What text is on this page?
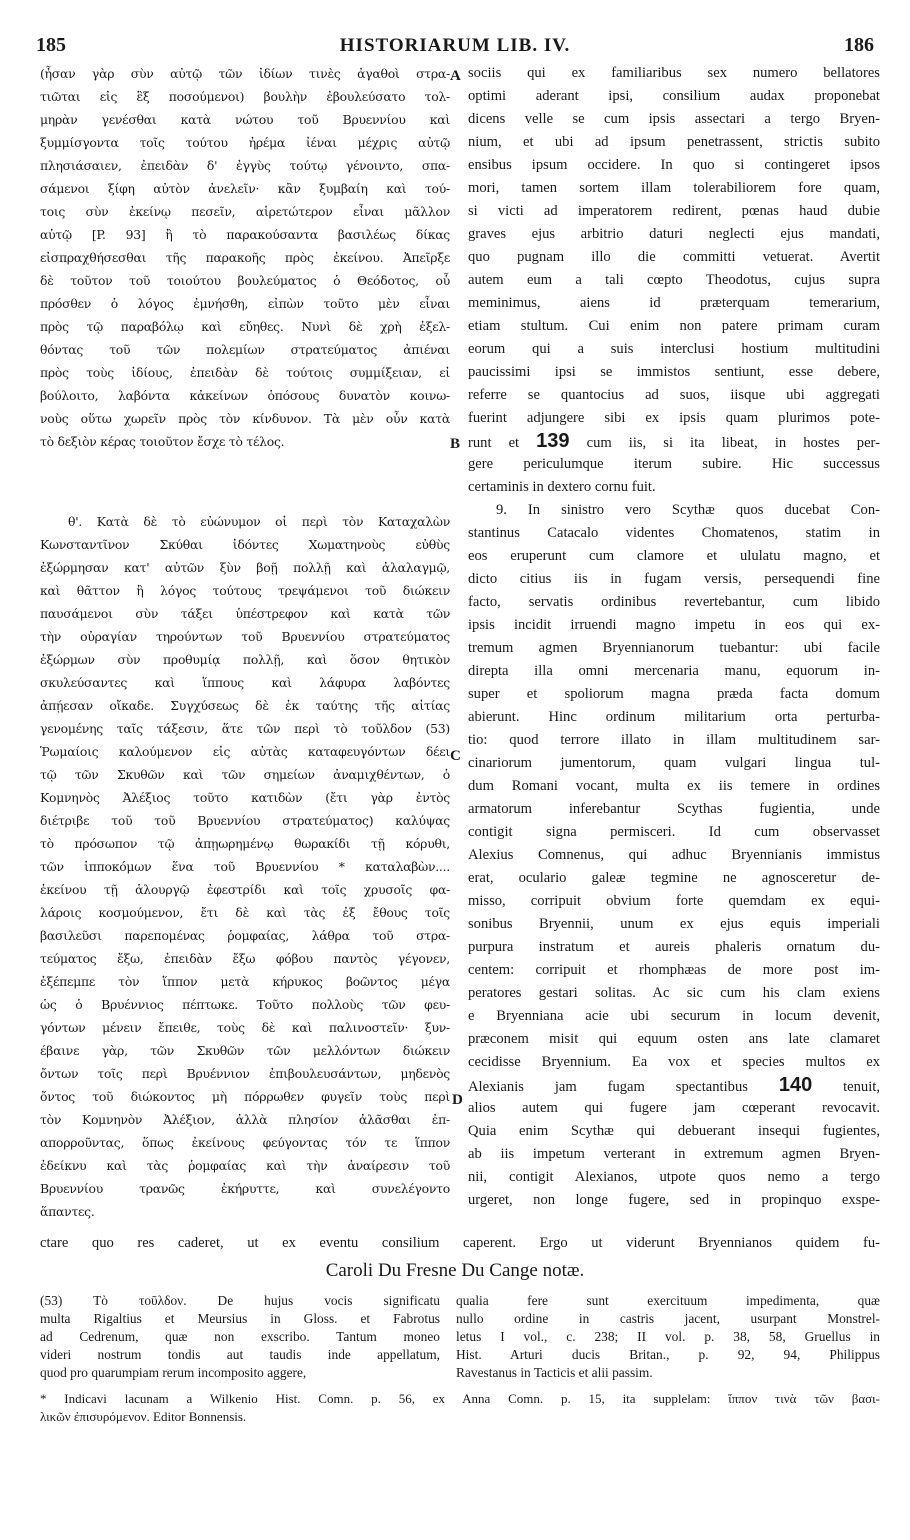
185	HISTORIARUM LIB. IV.	186
(ἦσαν γὰρ σὺν αὐτῷ τῶν ἰδίων τινὲς ἀγαθοὶ στρα-
τιῶται εἰς ἓξ ποσούμενοι) βουλὴν ἐβουλεύσατο τολ-
μηρὰν γενέσθαι κατὰ νώτου τοῦ Βρυεννίου καὶ
ξυμμίσγοντα τοῖς τούτου ἠρέμα ἰέναι μέχρις αὐτῷ
πλησιάσαιεν, ἐπειδὰν δ' ἐγγὺς τούτῳ γένοιντο, σπα-
σάμενοι ξίφη αὐτὸν ἀνελεῖν· κἂν ξυμβαίη καὶ τού-
τοις σὺν ἐκείνῳ πεσεῖν, αἱρετώτερον εἶναι μᾶλλον
αὐτῷ [P. 93] ἢ τὸ παρακούσαντα βασιλέως δίκας
εἰσπραχθήσεσθαι τῆς παρακοῆς πρὸς ἐκείνου. Ἀπεῖρξε
δὲ τοῦτον τοῦ τοιούτου βουλεύματος ὁ Θεόδοτος, οὗ
πρόσθεν ὁ λόγος ἐμνήσθη, εἰπὼν τοῦτο μὲν εἶναι
πρὸς τῷ παραβόλῳ καὶ εὔηθες. Νυνὶ δὲ χρὴ ἐξελ-
θόντας τοῦ τῶν πολεμίων στρατεύματος ἀπιέναι
πρὸς τοὺς ἰδίους, ἐπειδὰν δὲ τούτοις συμμίξειαν, εἰ
βούλοιτο, λαβόντα κἀκείνων ὁπόσους δυνατὸν κοινω-
νοὺς οὕτω χωρεῖν πρὸς τὸν κίνδυνον. Τὰ μὲν οὖν κατὰ
τὸ δεξιὸν κέρας τοιοῦτον ἔσχε τὸ τέλος.
θ'. Κατὰ δὲ τὸ εὐώνυμον οἱ περὶ τὸν Καταχαλὼν
Κωνσταντῖνον Σκύθαι ἰδόντες Χωματηνοὺς εὐθὺς
ἐξώρμησαν κατ' αὐτῶν ξὺν βοῇ πολλῇ καὶ ἀλαλαγμῷ,
καὶ θᾶττον ἢ λόγος τούτους τρεψάμενοι τοῦ διώκειν
παυσάμενοι σὺν τάξει ὑπέστρεφον καὶ κατὰ τῶν
τὴν οὐραγίαν τηρούντων τοῦ Βρυεννίου στρατεύματος
ἐξώρμων σὺν προθυμίᾳ πολλῇ, καὶ ὅσον θητικὸν
σκυλεύσαντες καὶ ἵππους καὶ λάφυρα λαβόντες
ἀπῄεσαν οἴκαδε. Συγχύσεως δὲ ἐκ ταύτης τῆς αἰτίας
γενομένης ταῖς τάξεσιν, ἅτε τῶν περὶ τὸ τοῦλδον (53)
Ῥωμαίοις καλούμενον εἰς αὐτὰς καταφευγόντων δέει
τῷ τῶν Σκυθῶν καὶ τῶν σημείων ἀναμιχθέντων, ὁ
Κομνηνὸς Ἀλέξιος τοῦτο κατιδὼν (ἔτι γὰρ ἐντὸς
διέτριβε τοῦ τοῦ Βρυεννίου στρατεύματος) καλύψας
τὸ πρόσωπον τῷ ἀπῃωρημένῳ θωρακίδι τῇ κόρυθι,
τῶν ἱπποκόμων ἕνα τοῦ Βρυεννίου * καταλαβὼν....
ἐκείνου τῇ ἁλουργῷ ἐφεστρίδι καὶ τοῖς χρυσοῖς φα-
λάροις κοσμούμενον, ἔτι δὲ καὶ τὰς ἐξ ἔθους τοῖς
βασιλεῦσι παρεπομένας ῥομφαίας, λάθρα τοῦ στρα-
τεύματος ἔξω, ἐπειδὰν ἔξω φόβου παντὸς γέγονεν,
ἐξέπεμπε τὸν ἵππον μετὰ κήρυκος βοῶντος μέγα
ὡς ὁ Βρυέννιος πέπτωκε. Τοῦτο πολλοὺς τῶν φευ-
γόντων μένειν ἔπειθε, τοὺς δὲ καὶ παλινοστεῖν· ξυν-
έβαινε γὰρ, τῶν Σκυθῶν τῶν μελλόντων διώκειν
ὄντων τοῖς περὶ Βρυέννιον ἐπιβουλευσάντων, μηδενὸς
ὄντος τοῦ διώκοντος μὴ πόρρωθεν φυγεῖν τοὺς περὶ
τὸν Κομνηνὸν Ἀλέξιον, ἀλλὰ πλησίον ἀλᾶσθαι ἐπ-
απορροῦντας, ὅπως ἐκείνους φεύγοντας τόν τε ἵππον
ἐδείκνυ καὶ τὰς ῥομφαίας καὶ τὴν ἀναίρεσιν τοῦ
Βρυεννίου τρανῶς ἐκήρυττε, καὶ συνελέγοντο
ἅπαντες.
sociis qui ex familiaribus sex numero bellatores
optimi aderant ipsi, consilium audax proponebat
dicens velle se cum ipsis assectari a tergo Bryen-
nium, et ubi ad ipsum penetrassent, strictis subito
ensibus ipsum occidere. In quo si contingeret ipsos
mori, tamen sortem illam tolerabiliorem fore quam,
si victi ad imperatorem redirent, pœnas haud dubie
graves ejus arbitrio daturi neglecti ejus mandati,
quo pugnam illo die committi vetuerat. Avertit
autem eum a tali cœpto Theodotus, cujus supra
meminimus, aiens id præterquam temerarium,
etiam stultum. Cui enim non patere primam curam
eorum qui a suis interclusi hostium multitudini
paucissimi ipsi se immistos sentiunt, esse debere,
referre se quantocius ad suos, iisque ubi aggregati
fuerint adjungere sibi ex ipsis quam plurimos pote-
runt et 139 cum iis, si ita libeat, in hostes per-
gere periculumque iterum subire. Hic successus
certaminis in dextero cornu fuit.
9. In sinistro vero Scythæ quos ducebat Con-
stantinus Catacalo videntes Chomatenos, statim in
eos eruperunt cum clamore et ululatu magno, et
dicto citius iis in fugam versis, persequendi fine
facto, servatis ordinibus revertebantur, cum libido
ipsis incidit irruendi magno impetu in eos qui ex-
tremum agmen Bryennianorum tuebantur: ubi facile
direpta illa omni mercenaria manu, equorum in-
super et spoliorum magna præda facta domum
abierunt. Hinc ordinum militarium orta perturba-
tio: quod terrore illato in illam multitudinem sar-
cinariorum jumentorum, quam vulgari lingua tul-
dum Romani vocant, multa ex iis temere in ordines
armatorum inferebantur Scythas fugientia, unde
contigit signa permisceri. Id cum observasset
Alexius Comnenus, qui adhuc Bryennianis immistus
erat, oculario galeæ tegmine ne agnosceretur de-
misso, corripuit obvium forte quemdam ex equi-
sonibus Bryennii, unum ex ejus equis imperiali
purpura instratum et aureis phaleris ornatum du-
centem: corripuit et rhomphæas de more post im-
peratores gestari solitas. Ac sic cum his clam exiens
e Bryenniana acie ubi securum in locum devenit,
præconem misit qui equum osten ans late clamaret
cecidisse Bryennium. Ea vox et species multos ex
Alexianis jam fugam spectantibus 140 tenuit,
alios autem qui fugere jam cœperant revocavit.
Quia enim Scythæ qui debuerant insequi fugientes,
ab iis impetum verterant in extremum agmen Bryen-
nii, contigit Alexianos, utpote quos nemo a tergo
urgeret, non longe fugere, sed in propinquo exspe-
A
B
C
D
ctare quo res caderet, ut ex eventu consilium caperent. Ergo ut viderunt Bryennianos quidem fu-
Caroli Du Fresne Du Cange notæ.
(53) Τὸ τοῦλδον. De hujus vocis significatu
multa Rigaltius et Meursius in Gloss. et Fabrotus
ad Cedrenum, quæ non exscribo. Tantum moneo
videri nostrum tondis aut taudis inde appellatum,
quod pro quarumpiam rerum incomposito aggere,
qualia fere sunt exercituum impedimenta, quæ
nullo ordine in castris jacent, usurpant Monstrel-
letus I vol., c. 238; II vol. p. 38, 58, Gruellus in
Hist. Arturi ducis Britan., p. 92, 94, Philippus
Ravestanus in Tacticis et alii passim.
* Indicavi lacunam a Wilkenio Hist. Comn. p. 56, ex Anna Comn. p. 15, ita supplelam: ἵππον τινὰ τῶν βασι-
λικῶν ἐπισυρόμενον. Editor Bonnensis.
